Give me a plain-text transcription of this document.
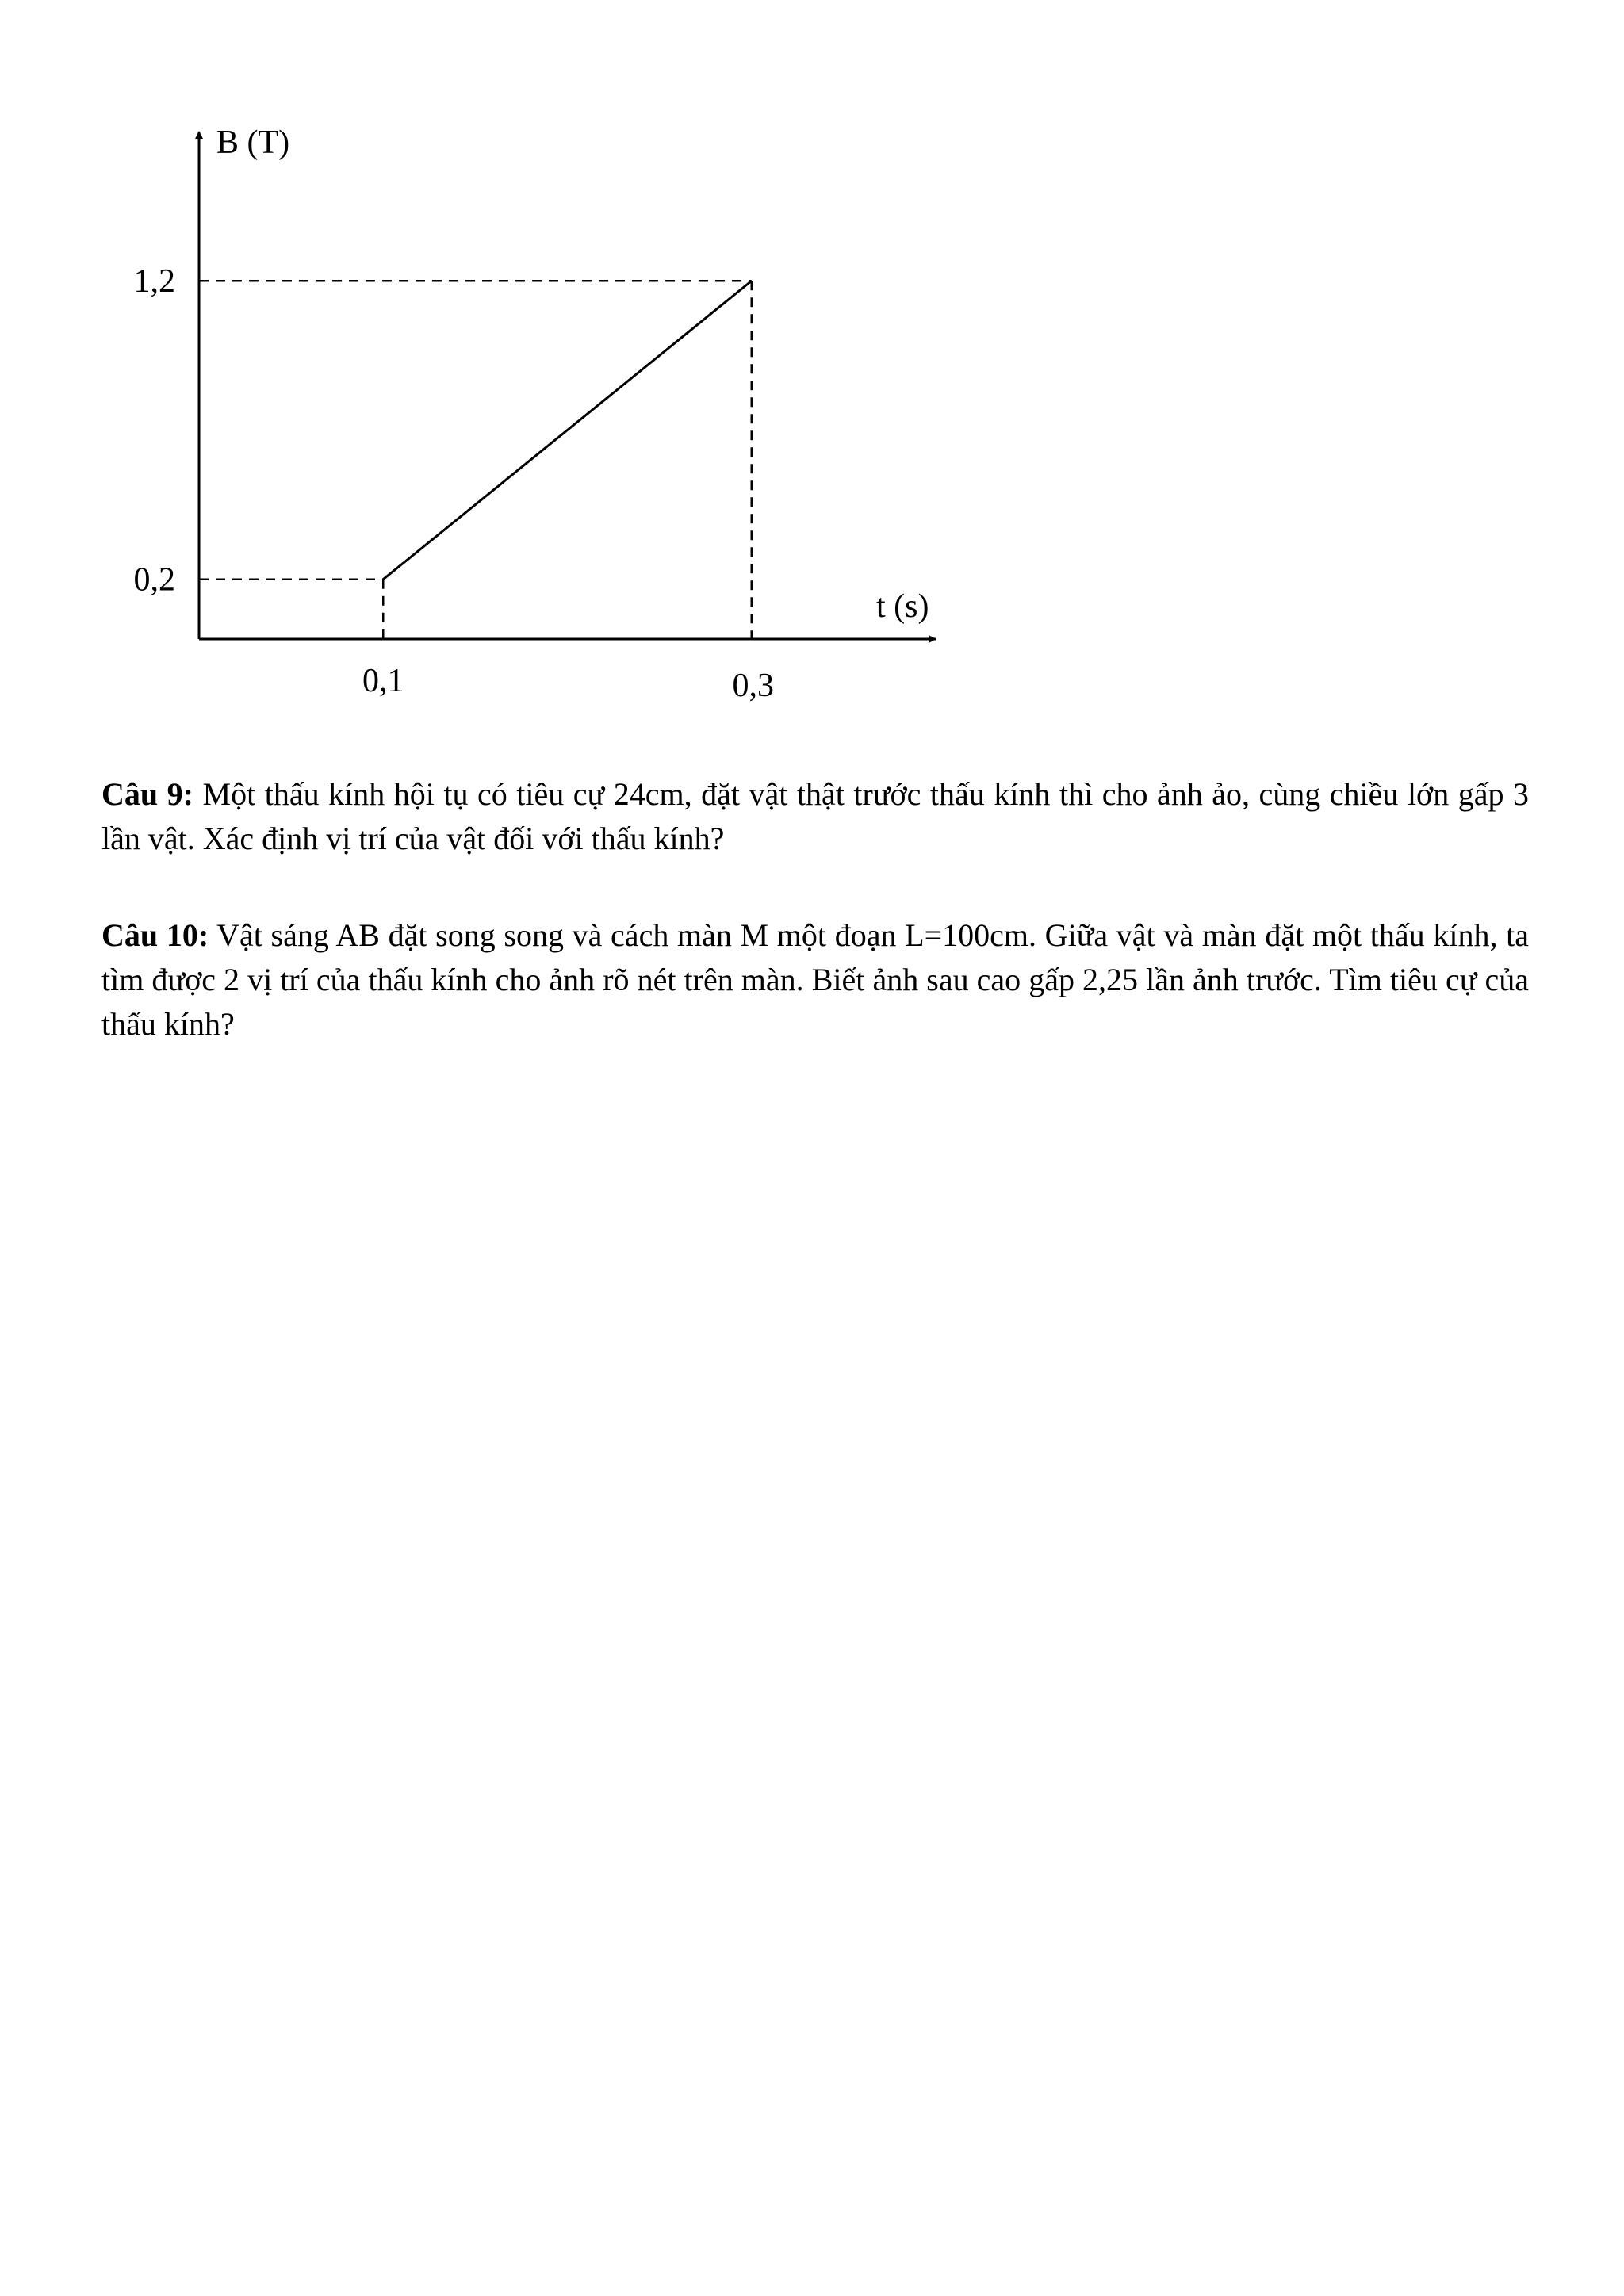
0,2
1,2
0,1	0,3
B (T)
t (s)

Câu 9: Một thấu kính hội tụ có tiêu cự 24cm, đặt vật thật trước thấu kính thì cho ảnh ảo, cùng chiều lớn gấp 3 lần vật. Xác định vị trí của vật đối với thấu kính?

Câu 10: Vật sáng AB đặt song song và cách màn M một đoạn L=100cm. Giữa vật và màn đặt một thấu kính, ta tìm được 2 vị trí của thấu kính cho ảnh rõ nét trên màn. Biết ảnh sau cao gấp 2,25 lần ảnh trước. Tìm tiêu cự của thấu kính?
